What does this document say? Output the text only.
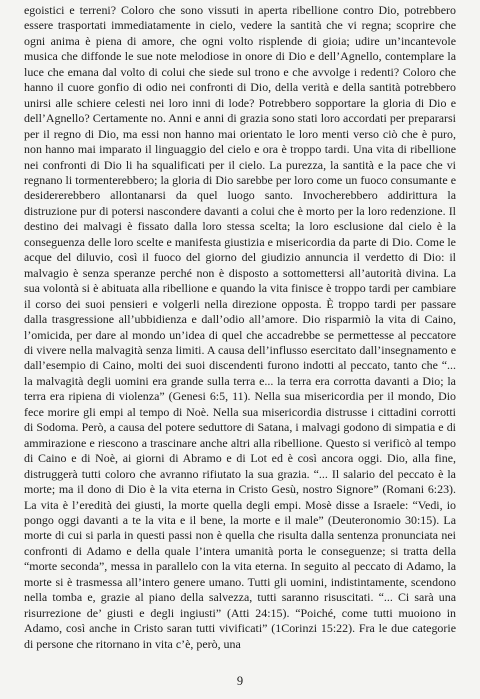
egoistici e terreni? Coloro che sono vissuti in aperta ribellione contro Dio, potrebbero essere trasportati immediatamente in cielo, vedere la santità che vi regna; scoprire che ogni anima è piena di amore, che ogni volto risplende di gioia; udire un’incantevole musica che diffonde le sue note melodiose in onore di Dio e dell’Agnello, contemplare la luce che emana dal volto di colui che siede sul trono e che avvolge i redenti? Coloro che hanno il cuore gonfio di odio nei confronti di Dio, della verità e della santità potrebbero unirsi alle schiere celesti nei loro inni di lode? Potrebbero sopportare la gloria di Dio e dell’Agnello? Certamente no. Anni e anni di grazia sono stati loro accordati per prepararsi per il regno di Dio, ma essi non hanno mai orientato le loro menti verso ciò che è puro, non hanno mai imparato il linguaggio del cielo e ora è troppo tardi. Una vita di ribellione nei confronti di Dio li ha squalificati per il cielo. La purezza, la santità e la pace che vi regnano li tormenterebbero; la gloria di Dio sarebbe per loro come un fuoco consumante e desidererebbero allontanarsi da quel luogo santo. Invocherebbero addirittura la distruzione pur di potersi nascondere davanti a colui che è morto per la loro redenzione. Il destino dei malvagi è fissato dalla loro stessa scelta; la loro esclusione dal cielo è la conseguenza delle loro scelte e manifesta giustizia e misericordia da parte di Dio. Come le acque del diluvio, così il fuoco del giorno del giudizio annuncia il verdetto di Dio: il malvagio è senza speranze perché non è disposto a sottomettersi all’autorità divina. La sua volontà si è abituata alla ribellione e quando la vita finisce è troppo tardi per cambiare il corso dei suoi pensieri e volgerli nella direzione opposta. È troppo tardi per passare dalla trasgressione all’ubbidienza e dall’odio all’amore. Dio risparmiò la vita di Caino, l’omicida, per dare al mondo un’idea di quel che accadrebbe se permettesse al peccatore di vivere nella malvagità senza limiti. A causa dell’influsso esercitato dall’insegnamento e dall’esempio di Caino, molti dei suoi discendenti furono indotti al peccato, tanto che “... la malvagità degli uomini era grande sulla terra e... la terra era corrotta davanti a Dio; la terra era ripiena di violenza” (Genesi 6:5, 11). Nella sua misericordia per il mondo, Dio fece morire gli empi al tempo di Noè. Nella sua misericordia distrusse i cittadini corrotti di Sodoma. Però, a causa del potere seduttore di Satana, i malvagi godono di simpatia e di ammirazione e riescono a trascinare anche altri alla ribellione. Questo si verificò al tempo di Caino e di Noè, ai giorni di Abramo e di Lot ed è così ancora oggi. Dio, alla fine, distruggerà tutti coloro che avranno rifiutato la sua grazia. “... Il salario del peccato è la morte; ma il dono di Dio è la vita eterna in Cristo Gesù, nostro Signore” (Romani 6:23). La vita è l’eredità dei giusti, la morte quella degli empi. Mosè disse a Israele: “Vedi, io pongo oggi davanti a te la vita e il bene, la morte e il male” (Deuteronomio 30:15). La morte di cui si parla in questi passi non è quella che risulta dalla sentenza pronunciata nei confronti di Adamo e della quale l’intera umanità porta le conseguenze; si tratta della “morte seconda”, messa in parallelo con la vita eterna. In seguito al peccato di Adamo, la morte si è trasmessa all’intero genere umano. Tutti gli uomini, indistintamente, scendono nella tomba e, grazie al piano della salvezza, tutti saranno risuscitati. “... Ci sarà una risurrezione de’ giusti e degli ingiusti” (Atti 24:15). “Poiché, come tutti muoiono in Adamo, così anche in Cristo saran tutti vivificati” (1Corinzi 15:22). Fra le due categorie di persone che ritornano in vita c’è, però, una

9
